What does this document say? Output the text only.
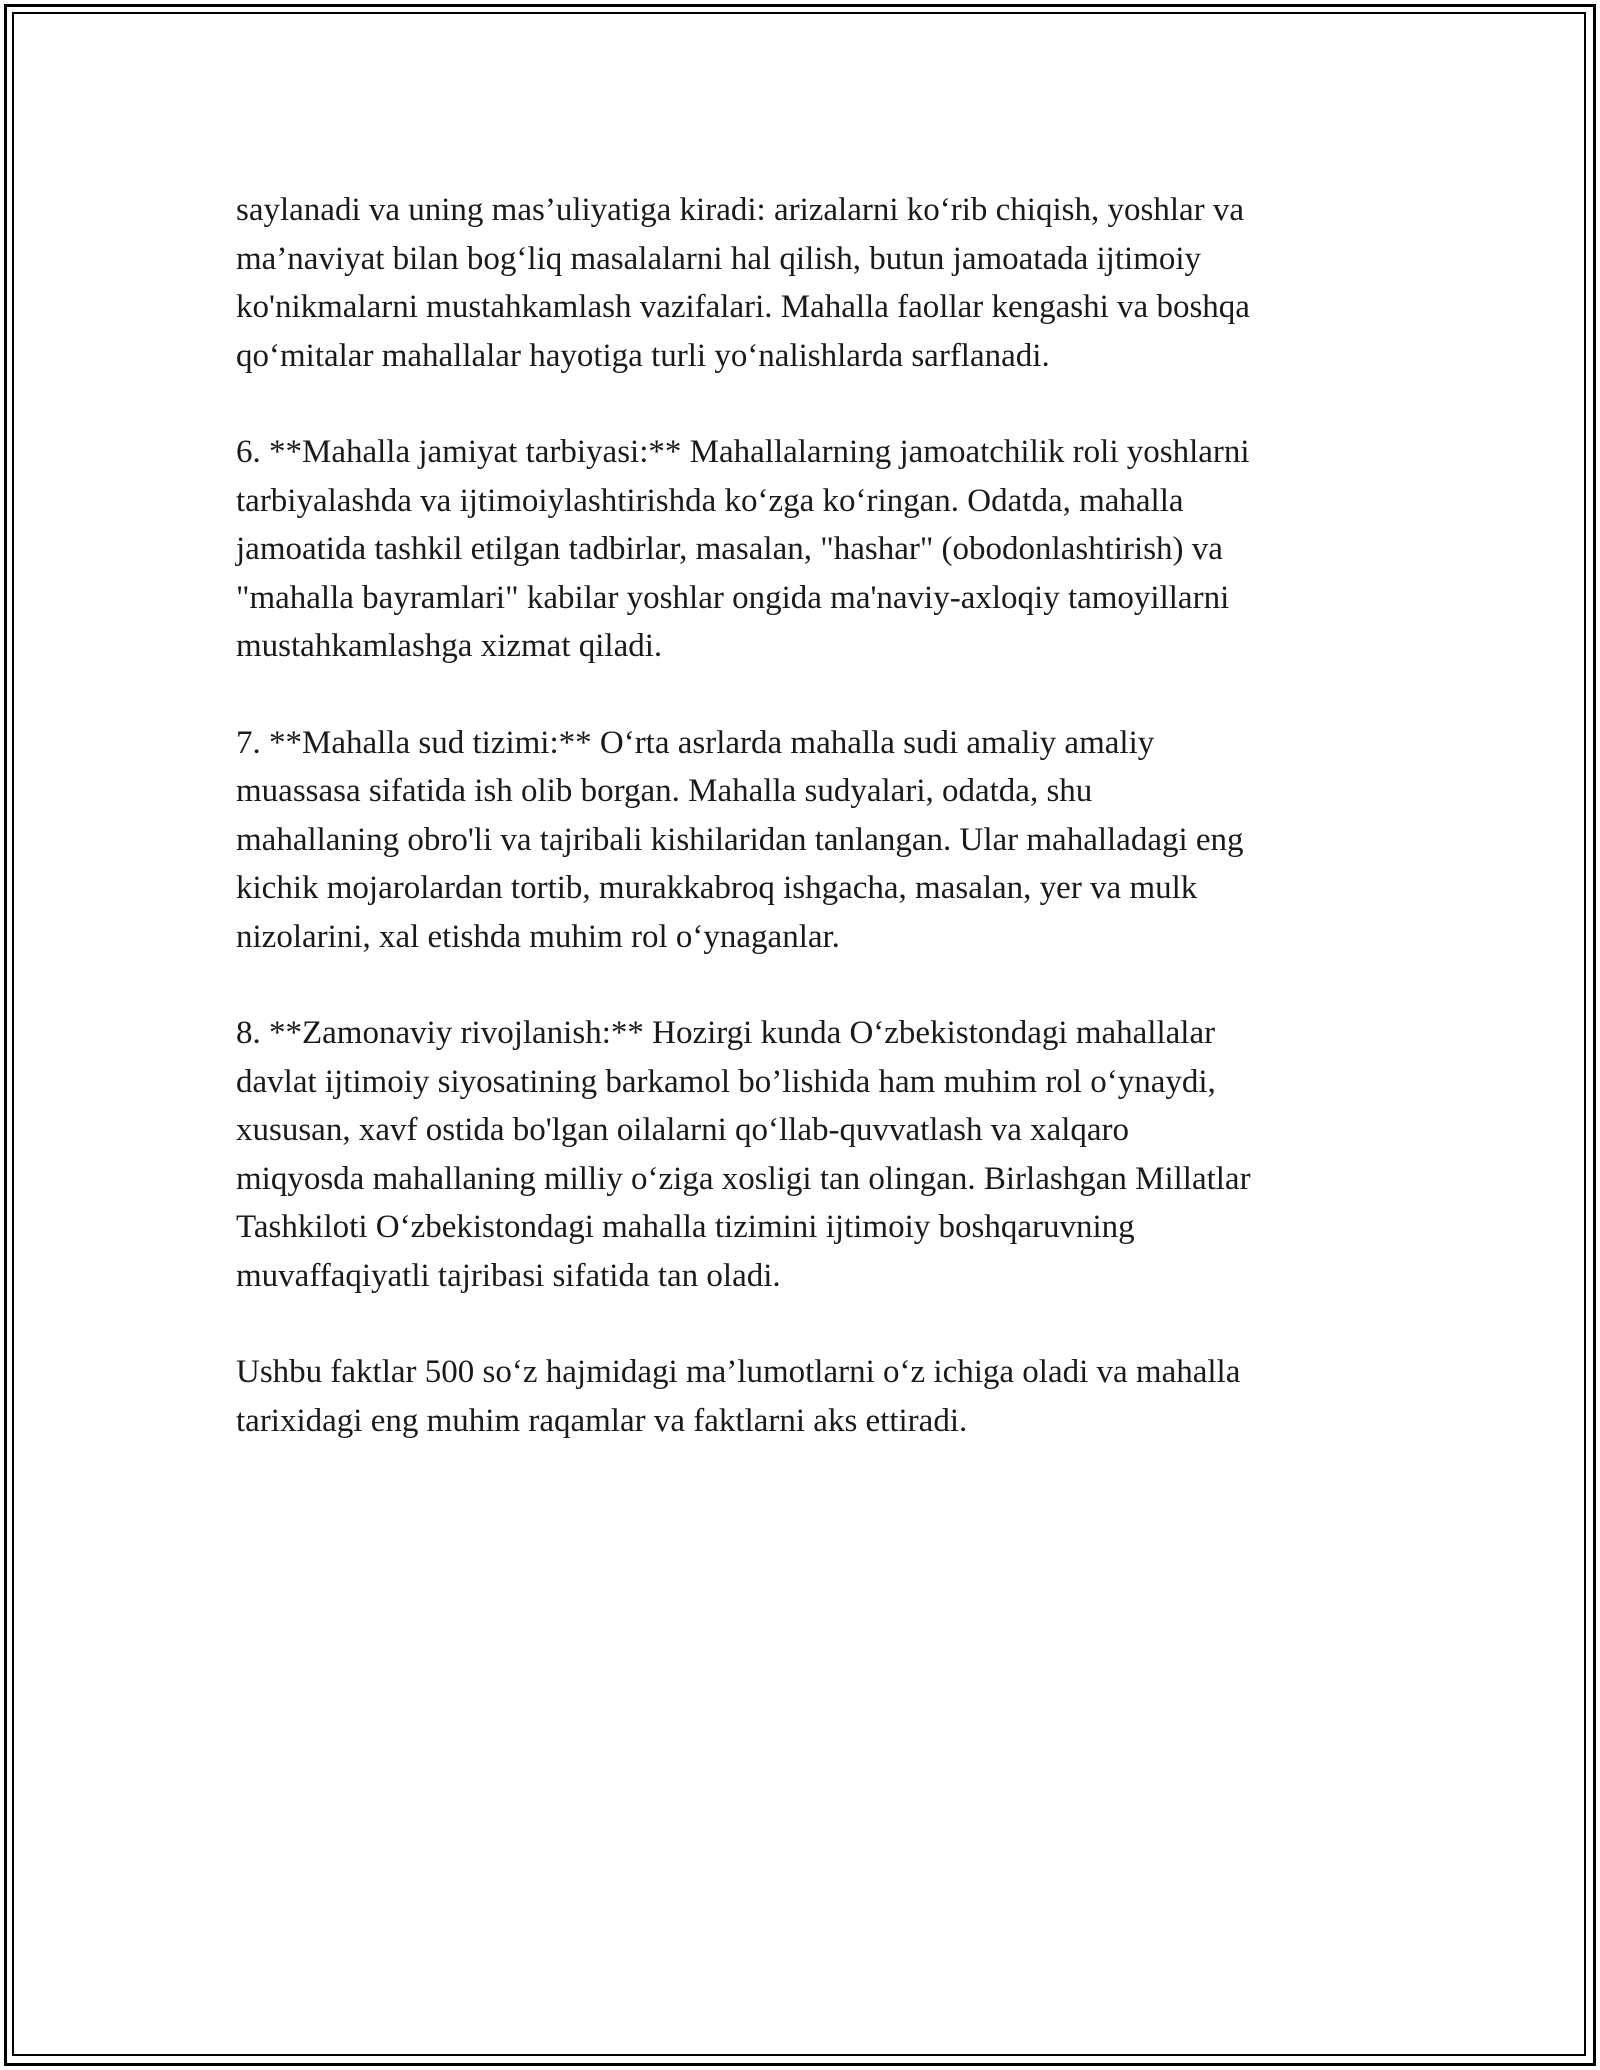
saylanadi va uning mas’uliyatiga kiradi: arizalarni ko‘rib chiqish, yoshlar va
ma’naviyat bilan bog‘liq masalalarni hal qilish, butun jamoatada ijtimoiy
ko'nikmalarni mustahkamlash vazifalari. Mahalla faollar kengashi va boshqa
qo‘mitalar mahallalar hayotiga turli yo‘nalishlarda sarflanadi.

6. **Mahalla jamiyat tarbiyasi:** Mahallalarning jamoatchilik roli yoshlarni
tarbiyalashda va ijtimoiylashtirishda ko‘zga ko‘ringan. Odatda, mahalla
jamoatida tashkil etilgan tadbirlar, masalan, "hashar" (obodonlashtirish) va
"mahalla bayramlari" kabilar yoshlar ongida ma'naviy-axloqiy tamoyillarni
mustahkamlashga xizmat qiladi.

7. **Mahalla sud tizimi:** O‘rta asrlarda mahalla sudi amaliy amaliy
muassasa sifatida ish olib borgan. Mahalla sudyalari, odatda, shu
mahallaning obro'li va tajribali kishilaridan tanlangan. Ular mahalladagi eng
kichik mojarolardan tortib, murakkabroq ishgacha, masalan, yer va mulk
nizolarini, xal etishda muhim rol o‘ynaganlar.

8. **Zamonaviy rivojlanish:** Hozirgi kunda O‘zbekistondagi mahallalar
davlat ijtimoiy siyosatining barkamol bo’lishida ham muhim rol o‘ynaydi,
xususan, xavf ostida bo'lgan oilalarni qo‘llab-quvvatlash va xalqaro
miqyosda mahallaning milliy o‘ziga xosligi tan olingan. Birlashgan Millatlar
Tashkiloti O‘zbekistondagi mahalla tizimini ijtimoiy boshqaruvning
muvaffaqiyatli tajribasi sifatida tan oladi.

Ushbu faktlar 500 so‘z hajmidagi ma’lumotlarni o‘z ichiga oladi va mahalla
tarixidagi eng muhim raqamlar va faktlarni aks ettiradi.
